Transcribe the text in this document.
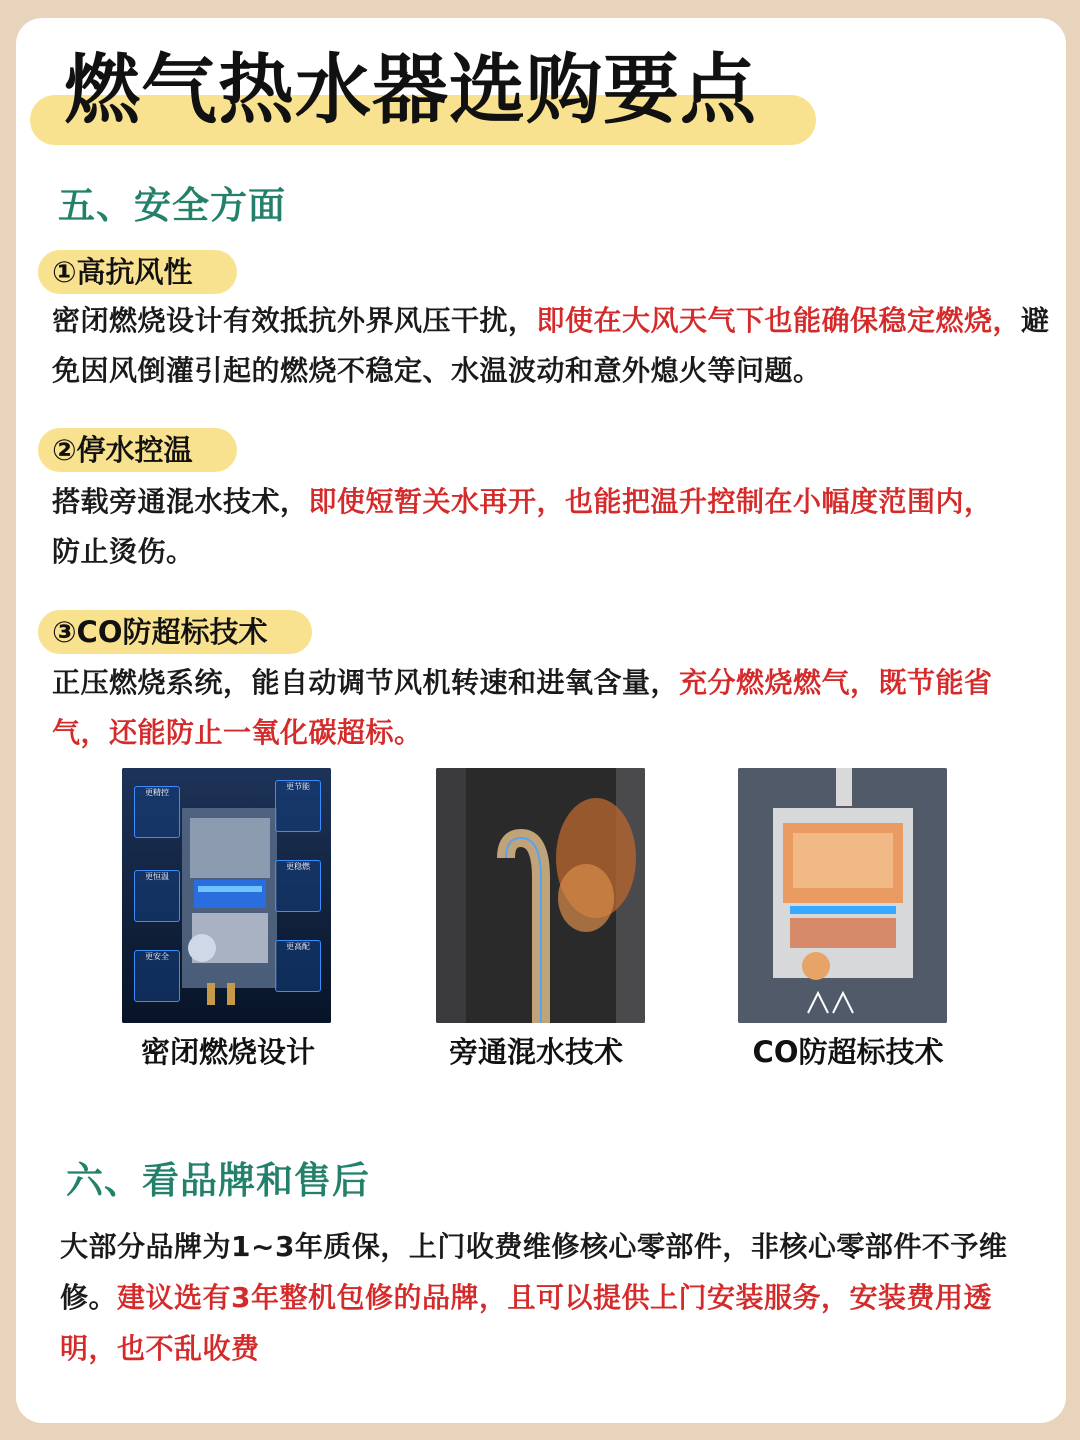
燃气热水器选购要点
五、安全方面
①高抗风性
密闭燃烧设计有效抵抗外界风压干扰，即使在大风天气下也能确保稳定燃烧，避免因风倒灌引起的燃烧不稳定、水温波动和意外熄火等问题。
②停水控温
搭载旁通混水技术，即使短暂关水再开，也能把温升控制在小幅度范围内，防止烫伤。
③CO防超标技术
正压燃烧系统，能自动调节风机转速和进氧含量，充分燃烧燃气，既节能省气，还能防止一氧化碳超标。
更精控
更节能
更恒温
更稳燃
更安全
更高配
密闭燃烧设计	旁通混水技术	CO防超标技术
六、看品牌和售后
大部分品牌为1~3年质保，上门收费维修核心零部件，非核心零部件不予维修。建议选有3年整机包修的品牌，且可以提供上门安装服务，安装费用透明，也不乱收费
